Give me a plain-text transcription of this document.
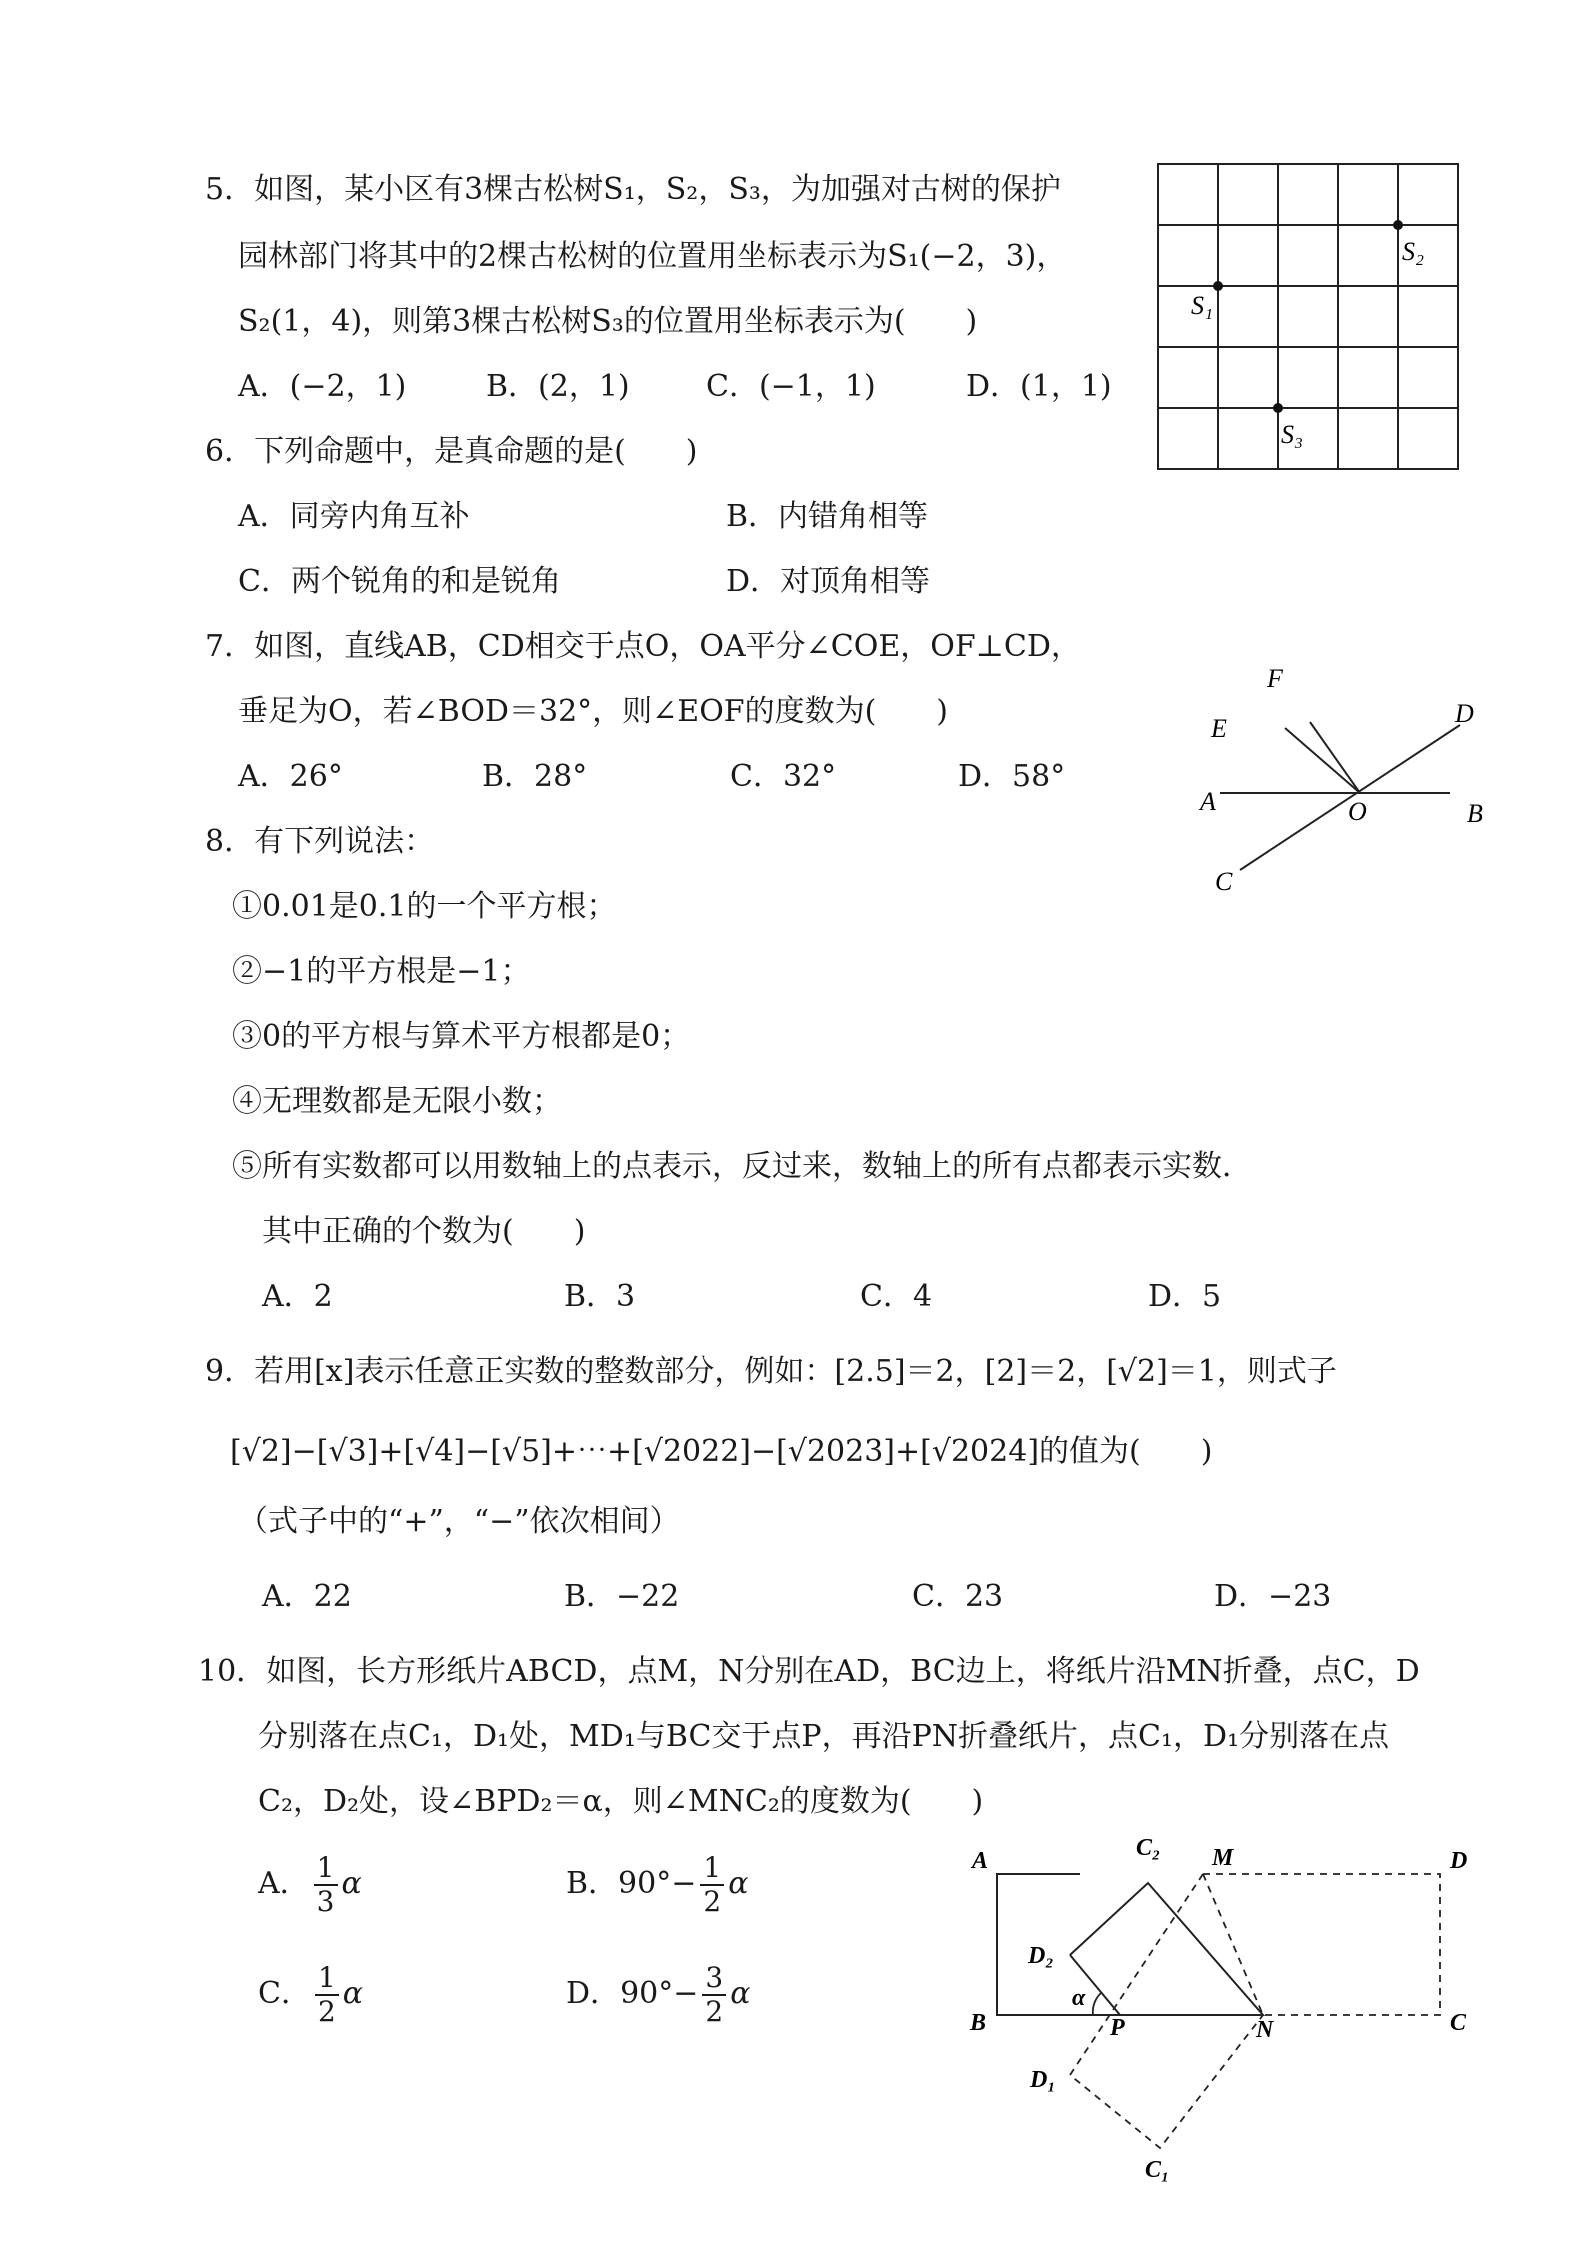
5．如图，某小区有3棵古松树S₁，S₂，S₃，为加强对古树的保护
园林部门将其中的2棵古松树的位置用坐标表示为S₁(−2，3)，
S₂(1，4)，则第3棵古松树S₃的位置用坐标表示为(　　)
A．(−2，1)	B．(2，1)	C．(−1，1)	D．(1，1)
S₁
S₂
S₃
6．下列命题中，是真命题的是(　　)
A．同旁内角互补	B．内错角相等
C．两个锐角的和是锐角	D．对顶角相等
7．如图，直线AB，CD相交于点O，OA平分∠COE，OF⊥CD，
垂足为O，若∠BOD＝32°，则∠EOF的度数为(　　)
A．26°	B．28°	C．32°	D．58°
F
E
D
A	O	B
C
8．有下列说法：
①0.01是0.1的一个平方根；
②−1的平方根是−1；
③0的平方根与算术平方根都是0；
④无理数都是无限小数；
⑤所有实数都可以用数轴上的点表示，反过来，数轴上的所有点都表示实数．
其中正确的个数为(　　)
A．2	B．3	C．4	D．5
9．若用[x]表示任意正实数的整数部分，例如：[2.5]＝2，[2]＝2，[√2]＝1，则式子
[√2]−[√3]+[√4]−[√5]+⋯+[√2022]−[√2023]+[√2024]的值为(　　)
（式子中的“+”，“−”依次相间）
A．22	B．−22	C．23	D．−23
10．如图，长方形纸片ABCD，点M，N分别在AD，BC边上，将纸片沿MN折叠，点C，D
分别落在点C₁，D₁处，MD₁与BC交于点P，再沿PN折叠纸片，点C₁，D₁分别落在点
C₂，D₂处，设∠BPD₂＝α，则∠MNC₂的度数为(　　)
A． $\frac{1}{3}$ α	B．$90^\circ- \frac{1}{2}$ α
C． $\frac{1}{2}$ α	D．$90^\circ- \frac{3}{2}$ α
A	C₂ M	D
D₂
α
B	P	N	C
D₁
C₁
